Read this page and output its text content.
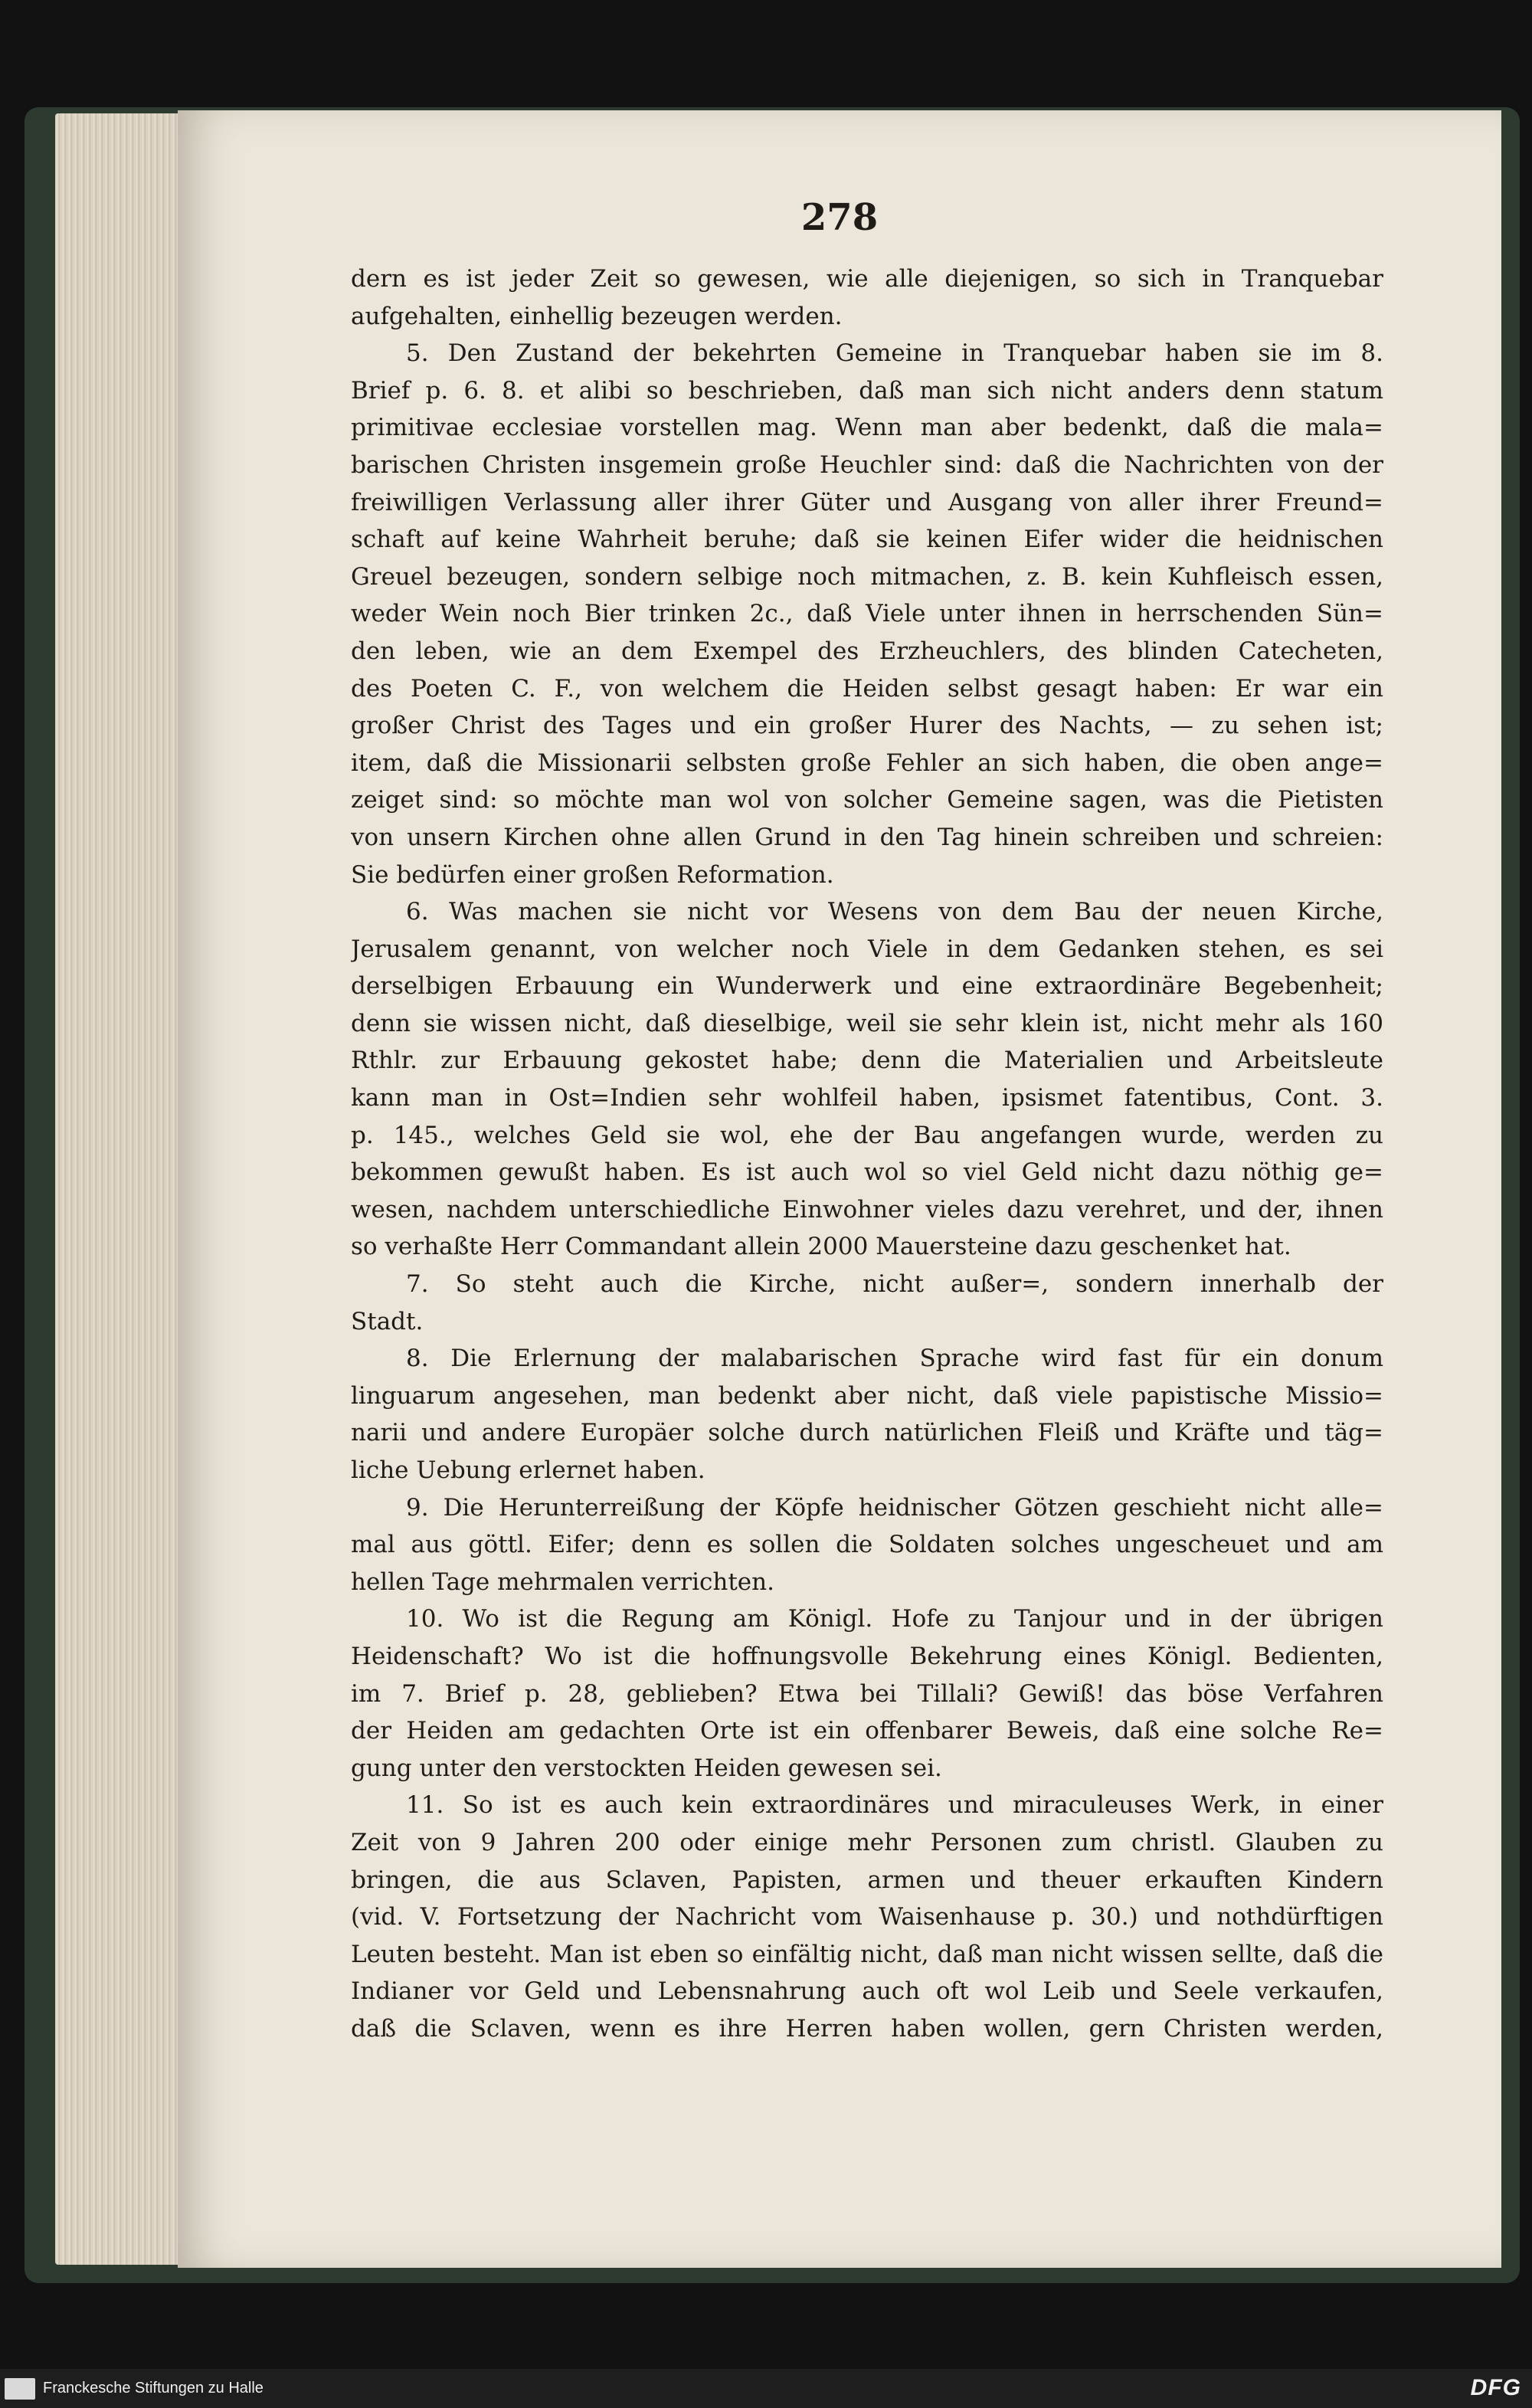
278
dern es ist jeder Zeit so gewesen, wie alle diejenigen, so sich in Tranquebar
aufgehalten, einhellig bezeugen werden.
5. Den Zustand der bekehrten Gemeine in Tranquebar haben sie im 8.
Brief p. 6. 8. et alibi so beschrieben, daß man sich nicht anders denn statum
primitivae ecclesiae vorstellen mag. Wenn man aber bedenkt, daß die mala=
barischen Christen insgemein große Heuchler sind: daß die Nachrichten von der
freiwilligen Verlassung aller ihrer Güter und Ausgang von aller ihrer Freund=
schaft auf keine Wahrheit beruhe; daß sie keinen Eifer wider die heidnischen
Greuel bezeugen, sondern selbige noch mitmachen, z. B. kein Kuhfleisch essen,
weder Wein noch Bier trinken 2c., daß Viele unter ihnen in herrschenden Sün=
den leben, wie an dem Exempel des Erzheuchlers, des blinden Catecheten,
des Poeten C. F., von welchem die Heiden selbst gesagt haben: Er war ein
großer Christ des Tages und ein großer Hurer des Nachts, — zu sehen ist;
item, daß die Missionarii selbsten große Fehler an sich haben, die oben ange=
zeiget sind: so möchte man wol von solcher Gemeine sagen, was die Pietisten
von unsern Kirchen ohne allen Grund in den Tag hinein schreiben und schreien:
Sie bedürfen einer großen Reformation.
6. Was machen sie nicht vor Wesens von dem Bau der neuen Kirche,
Jerusalem genannt, von welcher noch Viele in dem Gedanken stehen, es sei
derselbigen Erbauung ein Wunderwerk und eine extraordinäre Begebenheit;
denn sie wissen nicht, daß dieselbige, weil sie sehr klein ist, nicht mehr als 160
Rthlr. zur Erbauung gekostet habe; denn die Materialien und Arbeitsleute
kann man in Ost=Indien sehr wohlfeil haben, ipsismet fatentibus, Cont. 3.
p. 145., welches Geld sie wol, ehe der Bau angefangen wurde, werden zu
bekommen gewußt haben. Es ist auch wol so viel Geld nicht dazu nöthig ge=
wesen, nachdem unterschiedliche Einwohner vieles dazu verehret, und der, ihnen
so verhaßte Herr Commandant allein 2000 Mauersteine dazu geschenket hat.
7. So steht auch die Kirche, nicht außer=, sondern innerhalb der
Stadt.
8. Die Erlernung der malabarischen Sprache wird fast für ein donum
linguarum angesehen, man bedenkt aber nicht, daß viele papistische Missio=
narii und andere Europäer solche durch natürlichen Fleiß und Kräfte und täg=
liche Uebung erlernet haben.
9. Die Herunterreißung der Köpfe heidnischer Götzen geschieht nicht alle=
mal aus göttl. Eifer; denn es sollen die Soldaten solches ungescheuet und am
hellen Tage mehrmalen verrichten.
10. Wo ist die Regung am Königl. Hofe zu Tanjour und in der übrigen
Heidenschaft? Wo ist die hoffnungsvolle Bekehrung eines Königl. Bedienten,
im 7. Brief p. 28, geblieben? Etwa bei Tillali? Gewiß! das böse Verfahren
der Heiden am gedachten Orte ist ein offenbarer Beweis, daß eine solche Re=
gung unter den verstockten Heiden gewesen sei.
11. So ist es auch kein extraordinäres und miraculeuses Werk, in einer
Zeit von 9 Jahren 200 oder einige mehr Personen zum christl. Glauben zu
bringen, die aus Sclaven, Papisten, armen und theuer erkauften Kindern
(vid. V. Fortsetzung der Nachricht vom Waisenhause p. 30.) und nothdürftigen
Leuten besteht. Man ist eben so einfältig nicht, daß man nicht wissen sellte, daß die
Indianer vor Geld und Lebensnahrung auch oft wol Leib und Seele verkaufen,
daß die Sclaven, wenn es ihre Herren haben wollen, gern Christen werden,
Franckesche Stiftungen zu Halle	DFG
